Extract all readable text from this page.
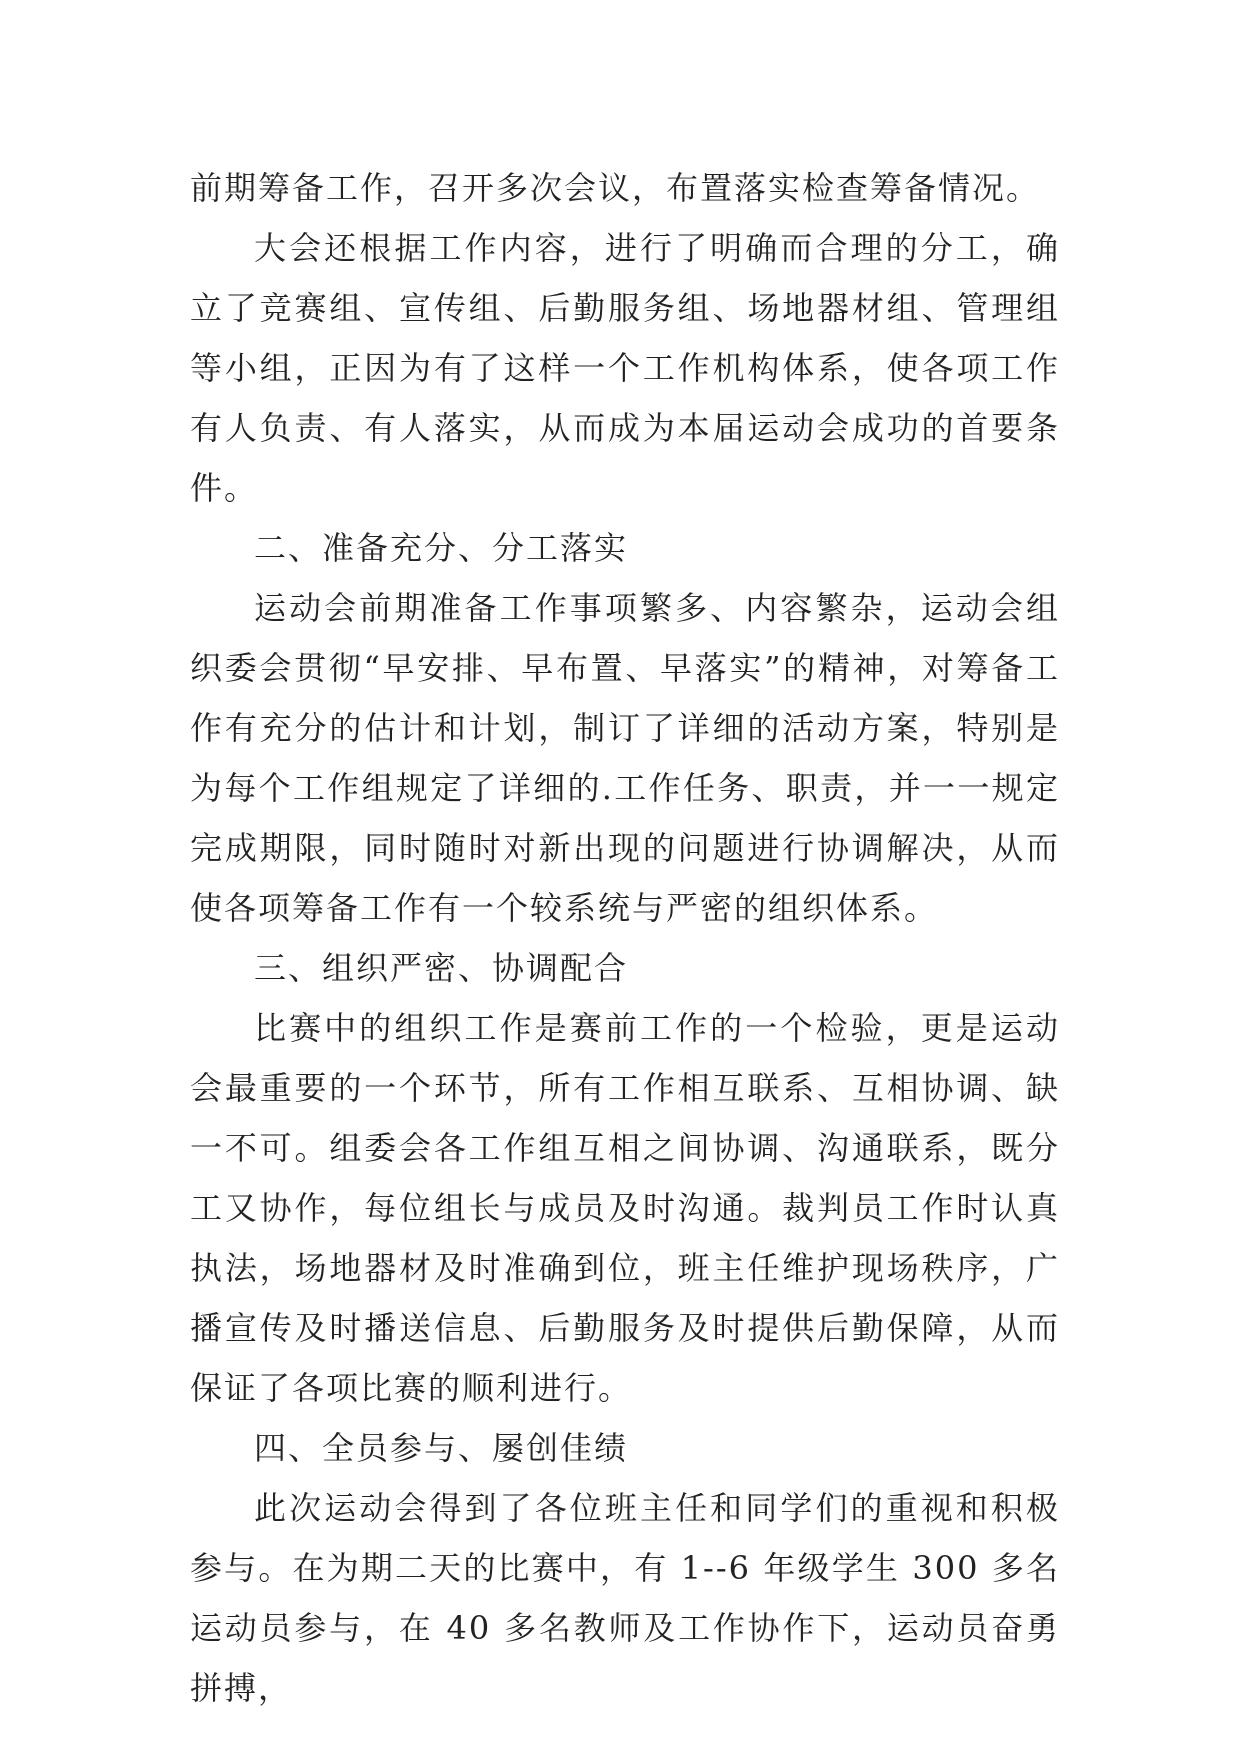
前期筹备工作，召开多次会议，布置落实检查筹备情况。

大会还根据工作内容，进行了明确而合理的分工，确立了竞赛组、宣传组、后勤服务组、场地器材组、管理组等小组，正因为有了这样一个工作机构体系，使各项工作有人负责、有人落实，从而成为本届运动会成功的首要条件。

二、准备充分、分工落实

运动会前期准备工作事项繁多、内容繁杂，运动会组织委会贯彻“早安排、早布置、早落实”的精神，对筹备工作有充分的估计和计划，制订了详细的活动方案，特别是为每个工作组规定了详细的.工作任务、职责，并一一规定完成期限，同时随时对新出现的问题进行协调解决，从而使各项筹备工作有一个较系统与严密的组织体系。

三、组织严密、协调配合

比赛中的组织工作是赛前工作的一个检验，更是运动会最重要的一个环节，所有工作相互联系、互相协调、缺一不可。组委会各工作组互相之间协调、沟通联系，既分工又协作，每位组长与成员及时沟通。裁判员工作时认真执法，场地器材及时准确到位，班主任维护现场秩序，广播宣传及时播送信息、后勤服务及时提供后勤保障，从而保证了各项比赛的顺利进行。

四、全员参与、屡创佳绩

此次运动会得到了各位班主任和同学们的重视和积极参与。在为期二天的比赛中，有 1--6 年级学生 300 多名运动员参与，在 40 多名教师及工作协作下，运动员奋勇拼搏，
